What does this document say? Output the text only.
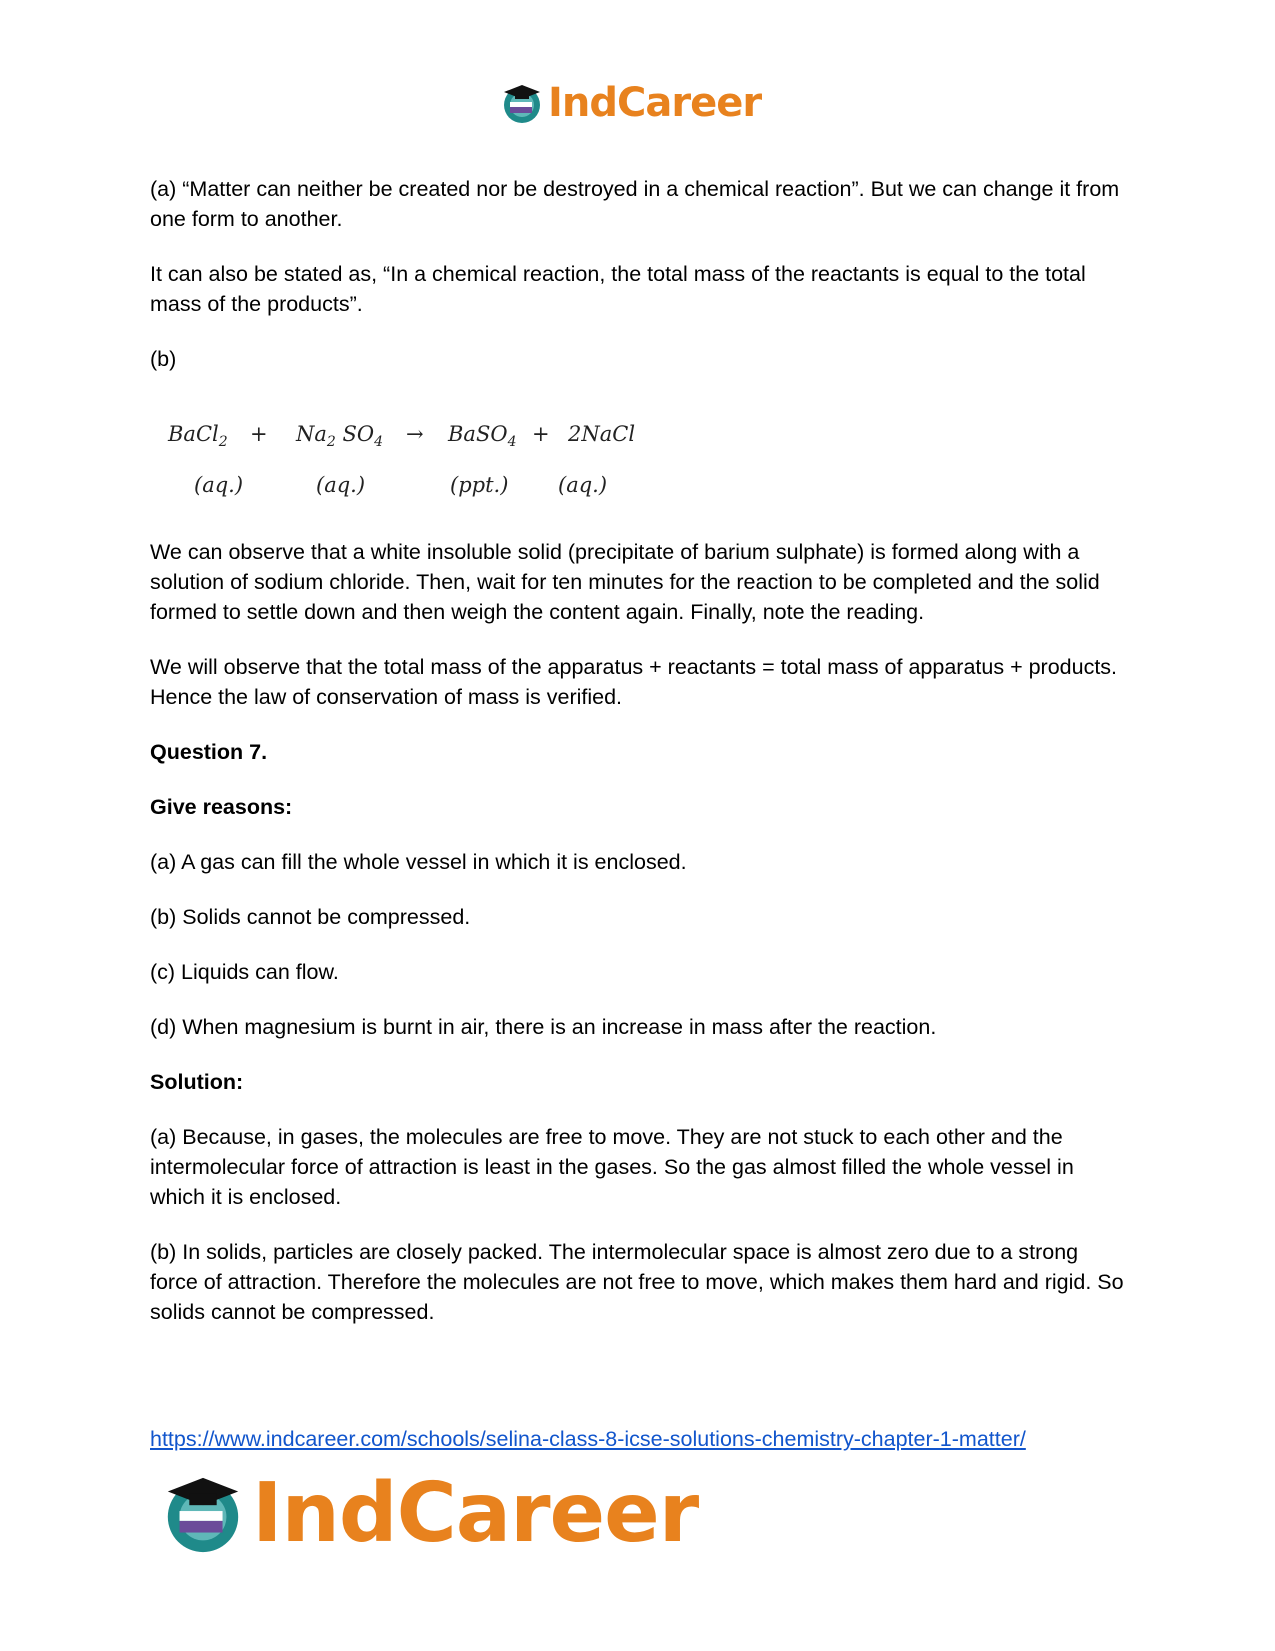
IndCareer

(a) “Matter can neither be created nor be destroyed in a chemical reaction”. But we can change it from one form to another.

It can also be stated as, “In a chemical reaction, the total mass of the reactants is equal to the total mass of the products”.

(b)

BaCl$_2$ + $Na_2$ $SO_4$ → BaSO$_4$ + 2NaCl
(aq.)	(aq.)	(ppt.) (aq.)

We can observe that a white insoluble solid (precipitate of barium sulphate) is formed along with a solution of sodium chloride. Then, wait for ten minutes for the reaction to be completed and the solid formed to settle down and then weigh the content again. Finally, note the reading.

We will observe that the total mass of the apparatus + reactants = total mass of apparatus + products. Hence the law of conservation of mass is verified.

Question 7.

Give reasons:

(a) A gas can fill the whole vessel in which it is enclosed.

(b) Solids cannot be compressed.

(c) Liquids can flow.

(d) When magnesium is burnt in air, there is an increase in mass after the reaction.

Solution:

(a) Because, in gases, the molecules are free to move. They are not stuck to each other and the intermolecular force of attraction is least in the gases. So the gas almost filled the whole vessel in which it is enclosed.

(b) In solids, particles are closely packed. The intermolecular space is almost zero due to a strong force of attraction. Therefore the molecules are not free to move, which makes them hard and rigid. So solids cannot be compressed.

https://www.indcareer.com/schools/selina-class-8-icse-solutions-chemistry-chapter-1-matter/
IndCareer
